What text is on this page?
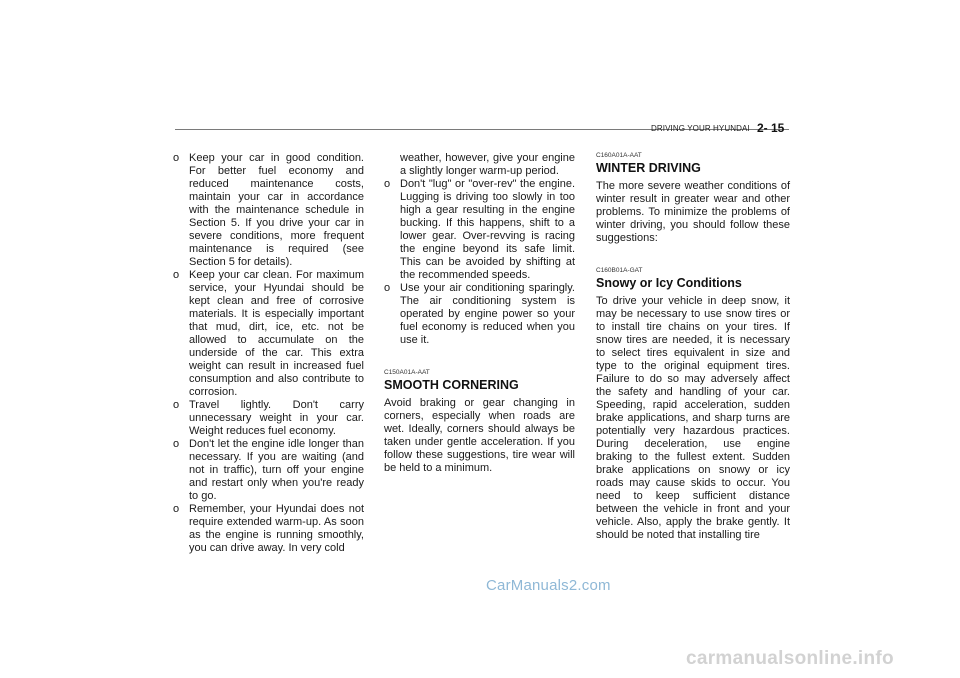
DRIVING YOUR HYUNDAI 2- 15
o Keep your car in good condition. For better fuel economy and reduced maintenance costs, maintain your car in accordance with the maintenance schedule in Section 5. If you drive your car in severe conditions, more frequent maintenance is required (see Section 5 for details).
o Keep your car clean. For maximum service, your Hyundai should be kept clean and free of corrosive materials. It is especially important that mud, dirt, ice, etc. not be allowed to accumulate on the underside of the car. This extra weight can result in increased fuel consumption and also contribute to corrosion.
o Travel lightly. Don't carry unnecessary weight in your car. Weight reduces fuel economy.
o Don't let the engine idle longer than necessary. If you are waiting (and not in traffic), turn off your engine and restart only when you're ready to go.
o Remember, your Hyundai does not require extended warm-up. As soon as the engine is running smoothly, you can drive away. In very cold

weather, however, give your engine a slightly longer warm-up period.

o Don't "lug" or "over-rev" the engine. Lugging is driving too slowly in too high a gear resulting in the engine bucking. If this happens, shift to a lower gear. Over-revving is racing the engine beyond its safe limit. This can be avoided by shifting at the recommended speeds.
o Use your air conditioning sparingly. The air conditioning system is operated by engine power so your fuel economy is reduced when you use it.

C150A01A-AAT

SMOOTH CORNERING

Avoid braking or gear changing in corners, especially when roads are wet. Ideally, corners should always be taken under gentle acceleration. If you follow these suggestions, tire wear will be held to a minimum.

C160A01A-AAT

WINTER DRIVING

The more severe weather conditions of winter result in greater wear and other problems. To minimize the problems of winter driving, you should follow these suggestions:

C160B01A-GAT

Snowy or Icy Conditions

To drive your vehicle in deep snow, it may be necessary to use snow tires or to install tire chains on your tires. If snow tires are needed, it is necessary to select tires equivalent in size and type to the original equipment tires. Failure to do so may adversely affect the safety and handling of your car. Speeding, rapid acceleration, sudden brake applications, and sharp turns are potentially very hazardous practices. During deceleration, use engine braking to the fullest extent. Sudden brake applications on snowy or icy roads may cause skids to occur. You need to keep sufficient distance between the vehicle in front and your vehicle. Also, apply the brake gently. It should be noted that installing tire

CarManuals2.com
carmanualsonline.info
